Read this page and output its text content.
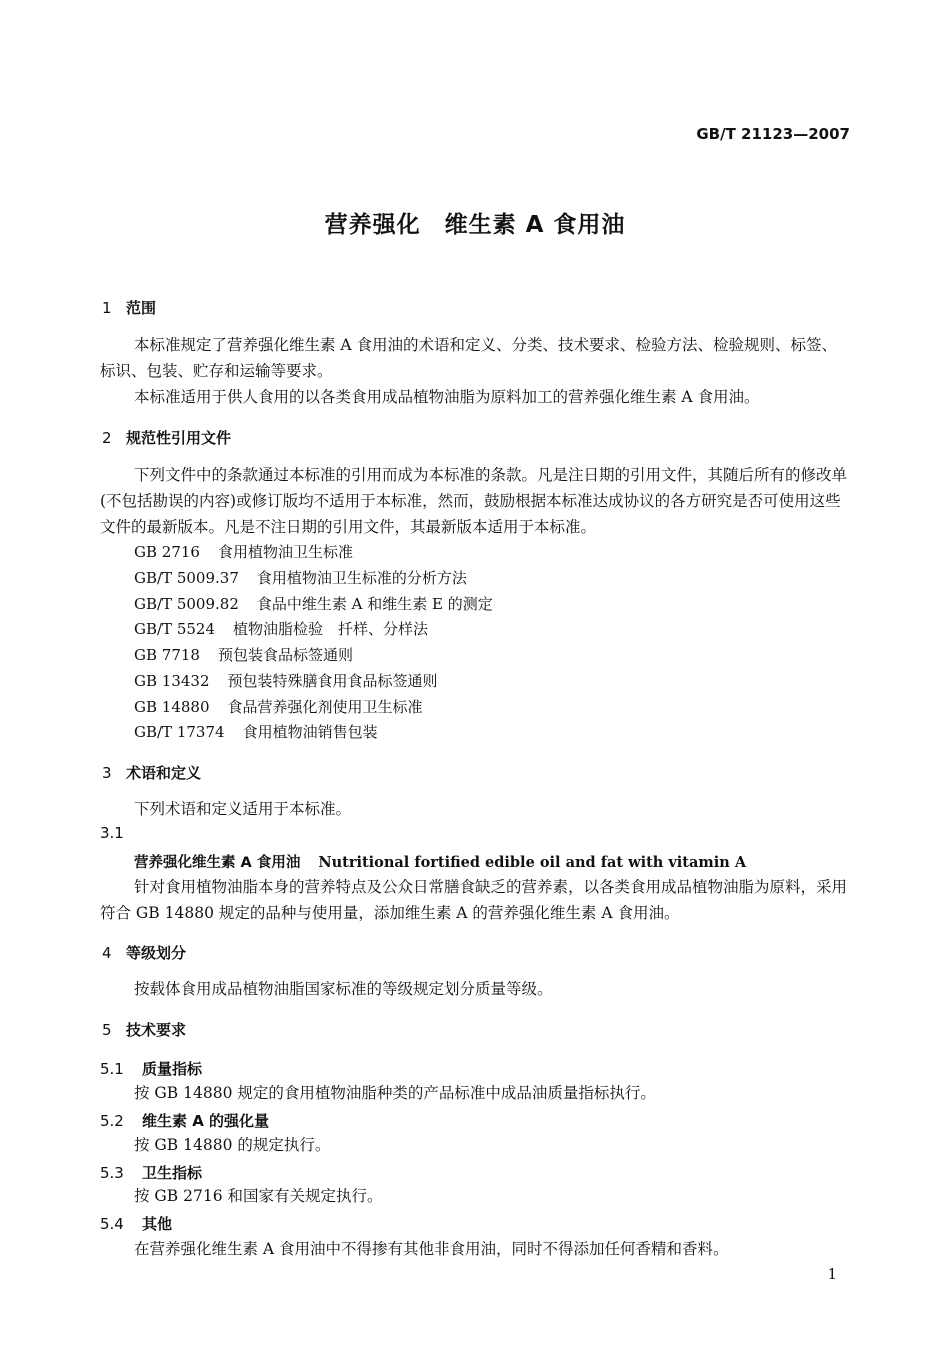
GB/T 21123—2007
营养强化　维生素 A 食用油
1 范围
本标准规定了营养强化维生素 A 食用油的术语和定义、分类、技术要求、检验方法、检验规则、标签、标识、包装、贮存和运输等要求。
本标准适用于供人食用的以各类食用成品植物油脂为原料加工的营养强化维生素 A 食用油。
2 规范性引用文件
下列文件中的条款通过本标准的引用而成为本标准的条款。凡是注日期的引用文件，其随后所有的修改单(不包括勘误的内容)或修订版均不适用于本标准，然而，鼓励根据本标准达成协议的各方研究是否可使用这些文件的最新版本。凡是不注日期的引用文件，其最新版本适用于本标准。
GB 2716 食用植物油卫生标准
GB/T 5009.37 食用植物油卫生标准的分析方法
GB/T 5009.82 食品中维生素 A 和维生素 E 的测定
GB/T 5524 植物油脂检验　扦样、分样法
GB 7718 预包装食品标签通则
GB 13432 预包装特殊膳食用食品标签通则
GB 14880 食品营养强化剂使用卫生标准
GB/T 17374 食用植物油销售包装
3 术语和定义
下列术语和定义适用于本标准。
3.1
营养强化维生素 A 食用油 Nutritional fortified edible oil and fat with vitamin A
针对食用植物油脂本身的营养特点及公众日常膳食缺乏的营养素，以各类食用成品植物油脂为原料，采用符合 GB 14880 规定的品种与使用量，添加维生素 A 的营养强化维生素 A 食用油。
4 等级划分
按载体食用成品植物油脂国家标准的等级规定划分质量等级。
5 技术要求
5.1 质量指标
按 GB 14880 规定的食用植物油脂种类的产品标准中成品油质量指标执行。
5.2 维生素 A 的强化量
按 GB 14880 的规定执行。
5.3 卫生指标
按 GB 2716 和国家有关规定执行。
5.4 其他
在营养强化维生素 A 食用油中不得掺有其他非食用油，同时不得添加任何香精和香料。
1
